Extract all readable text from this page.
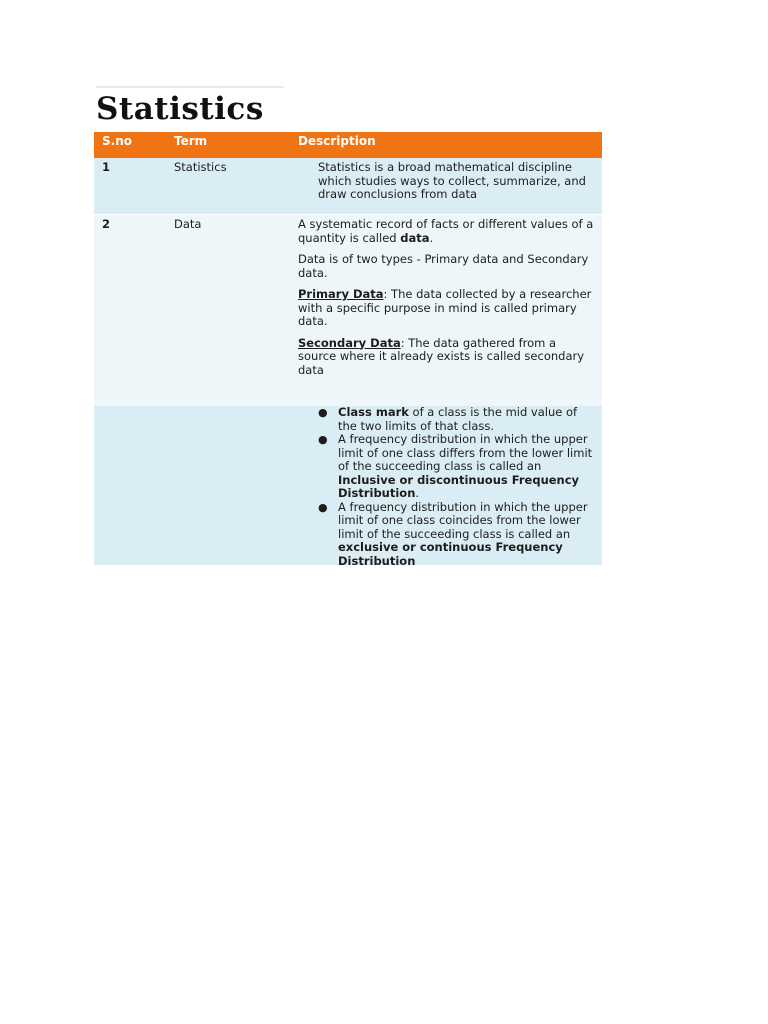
Statistics
S.no	Term	Description
1	Statistics	Statistics is a broad mathematical discipline which studies ways to collect, summarize, and draw conclusions from data
2	Data	A systematic record of facts or different values of a quantity is called data.

Data is of two types - Primary data and Secondary data.

Primary Data: The data collected by a researcher with a specific purpose in mind is called primary data.

Secondary Data: The data gathered from a source where it already exists is called secondary data

● Class mark of a class is the mid value of the two limits of that class.
● A frequency distribution in which the upper limit of one class differs from the lower limit of the succeeding class is called an Inclusive or discontinuous Frequency Distribution.
● A frequency distribution in which the upper limit of one class coincides from the lower limit of the succeeding class is called an exclusive or continuous Frequency Distribution
